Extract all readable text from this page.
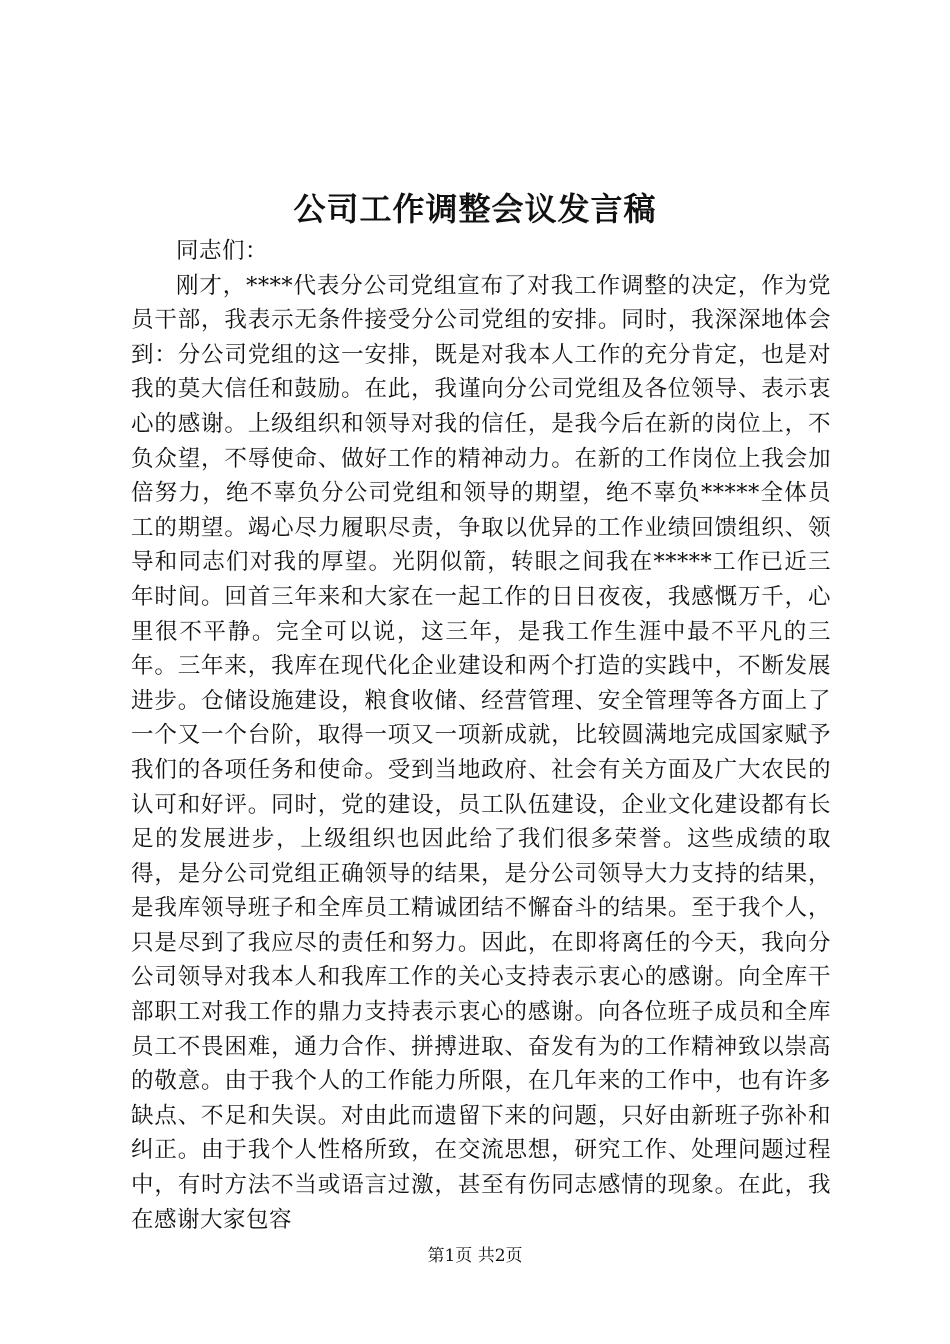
公司工作调整会议发言稿

同志们：

刚才，****代表分公司党组宣布了对我工作调整的决定，作为党员干部，我表示无条件接受分公司党组的安排。同时，我深深地体会到：分公司党组的这一安排，既是对我本人工作的充分肯定，也是对我的莫大信任和鼓励。在此，我谨向分公司党组及各位领导、表示衷心的感谢。上级组织和领导对我的信任，是我今后在新的岗位上，不负众望，不辱使命、做好工作的精神动力。在新的工作岗位上我会加倍努力，绝不辜负分公司党组和领导的期望，绝不辜负*****全体员工的期望。竭心尽力履职尽责，争取以优异的工作业绩回馈组织、领导和同志们对我的厚望。光阴似箭，转眼之间我在*****工作已近三年时间。回首三年来和大家在一起工作的日日夜夜，我感慨万千，心里很不平静。完全可以说，这三年，是我工作生涯中最不平凡的三年。三年来，我库在现代化企业建设和两个打造的实践中，不断发展进步。仓储设施建设，粮食收储、经营管理、安全管理等各方面上了一个又一个台阶，取得一项又一项新成就，比较圆满地完成国家赋予我们的各项任务和使命。受到当地政府、社会有关方面及广大农民的认可和好评。同时，党的建设，员工队伍建设，企业文化建设都有长足的发展进步，上级组织也因此给了我们很多荣誉。这些成绩的取得，是分公司党组正确领导的结果，是分公司领导大力支持的结果，是我库领导班子和全库员工精诚团结不懈奋斗的结果。至于我个人，只是尽到了我应尽的责任和努力。因此，在即将离任的今天，我向分公司领导对我本人和我库工作的关心支持表示衷心的感谢。向全库干部职工对我工作的鼎力支持表示衷心的感谢。向各位班子成员和全库员工不畏困难，通力合作、拼搏进取、奋发有为的工作精神致以崇高的敬意。由于我个人的工作能力所限，在几年来的工作中，也有许多缺点、不足和失误。对由此而遗留下来的问题，只好由新班子弥补和纠正。由于我个人性格所致，在交流思想，研究工作、处理问题过程中，有时方法不当或语言过激，甚至有伤同志感情的现象。在此，我在感谢大家包容

第1页 共2页
